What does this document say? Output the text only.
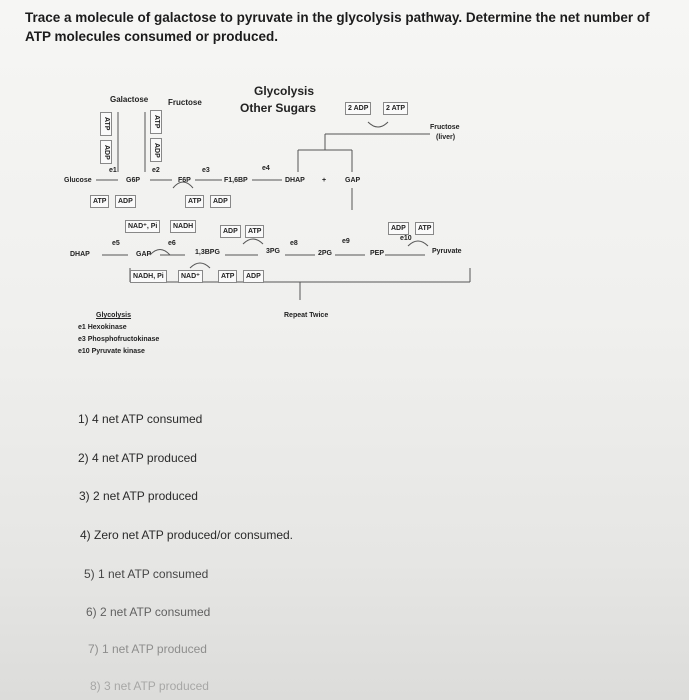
Trace a molecule of galactose to pyruvate in the glycolysis pathway. Determine the net number of ATP molecules consumed or produced.
Glycolysis
Other Sugars
Galactose Fructose
2 ADP	2 ATP
Fructose
(liver)
ATP
ADP
ATP
ADP
e1	e2	e3	e4
Glucose	G6P	F6P	F1,6BP	DHAP +	GAP
ATP	ADP	ATP	ADP
NAD⁺, Pi	NADH
ADP	ATP	ADP	ATP
e5	e6	e8	e9	e10
DHAP	GAP	1,3BPG	3PG	2PG	PEP	Pyruvate
NADH, Pi	NAD⁺	ATP	ADP
Repeat Twice
Glycolysis
e1 Hexokinase
e3 Phosphofructokinase
e10 Pyruvate kinase
1) 4 net ATP consumed
2) 4 net ATP produced
3) 2 net ATP produced
4) Zero net ATP produced/or consumed.
5) 1 net ATP consumed
6) 2 net ATP consumed
7) 1 net ATP produced
8) 3 net ATP produced
